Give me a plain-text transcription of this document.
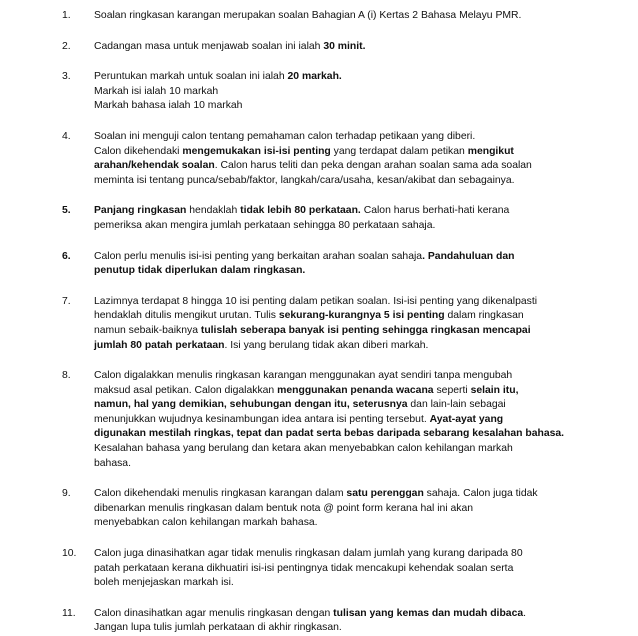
1. Soalan ringkasan karangan merupakan soalan Bahagian A (i) Kertas 2 Bahasa Melayu PMR.
2. Cadangan masa untuk menjawab soalan ini ialah 30 minit.
3. Peruntukan markah untuk soalan ini ialah 20 markah.
Markah isi ialah 10 markah
Markah bahasa ialah 10 markah
4. Soalan ini menguji calon tentang pemahaman calon terhadap petikaan yang diberi.
Calon dikehendaki mengemukakan isi-isi penting yang terdapat dalam petikan mengikut
arahan/kehendak soalan. Calon harus teliti dan peka dengan arahan soalan sama ada soalan
meminta isi tentang punca/sebab/faktor, langkah/cara/usaha, kesan/akibat dan sebagainya.
5. Panjang ringkasan hendaklah tidak lebih 80 perkataan. Calon harus berhati-hati kerana
pemeriksa akan mengira jumlah perkataan sehingga 80 perkataan sahaja.
6. Calon perlu menulis isi-isi penting yang berkaitan arahan soalan sahaja. Pandahuluan dan
penutup tidak diperlukan dalam ringkasan.
7. Lazimnya terdapat 8 hingga 10 isi penting dalam petikan soalan. Isi-isi penting yang dikenalpasti
hendaklah ditulis mengikut urutan. Tulis sekurang-kurangnya 5 isi penting dalam ringkasan
namun sebaik-baiknya tulislah seberapa banyak isi penting sehingga ringkasan mencapai
jumlah 80 patah perkataan. Isi yang berulang tidak akan diberi markah.
8. Calon digalakkan menulis ringkasan karangan menggunakan ayat sendiri tanpa mengubah
maksud asal petikan. Calon digalakkan menggunakan penanda wacana seperti selain itu,
namun, hal yang demikian, sehubungan dengan itu, seterusnya dan lain-lain sebagai
menunjukkan wujudnya kesinambungan idea antara isi penting tersebut. Ayat-ayat yang
digunakan mestilah ringkas, tepat dan padat serta bebas daripada sebarang kesalahan bahasa.
Kesalahan bahasa yang berulang dan ketara akan menyebabkan calon kehilangan markah
bahasa.
9. Calon dikehendaki menulis ringkasan karangan dalam satu perenggan sahaja. Calon juga tidak
dibenarkan menulis ringkasan dalam bentuk nota @ point form kerana hal ini akan
menyebabkan calon kehilangan markah bahasa.
10. Calon juga dinasihatkan agar tidak menulis ringkasan dalam jumlah yang kurang daripada 80
patah perkataan kerana dikhuatiri isi-isi pentingnya tidak mencakupi kehendak soalan serta
boleh menjejaskan markah isi.
11. Calon dinasihatkan agar menulis ringkasan dengan tulisan yang kemas dan mudah dibaca.
Jangan lupa tulis jumlah perkataan di akhir ringkasan.
